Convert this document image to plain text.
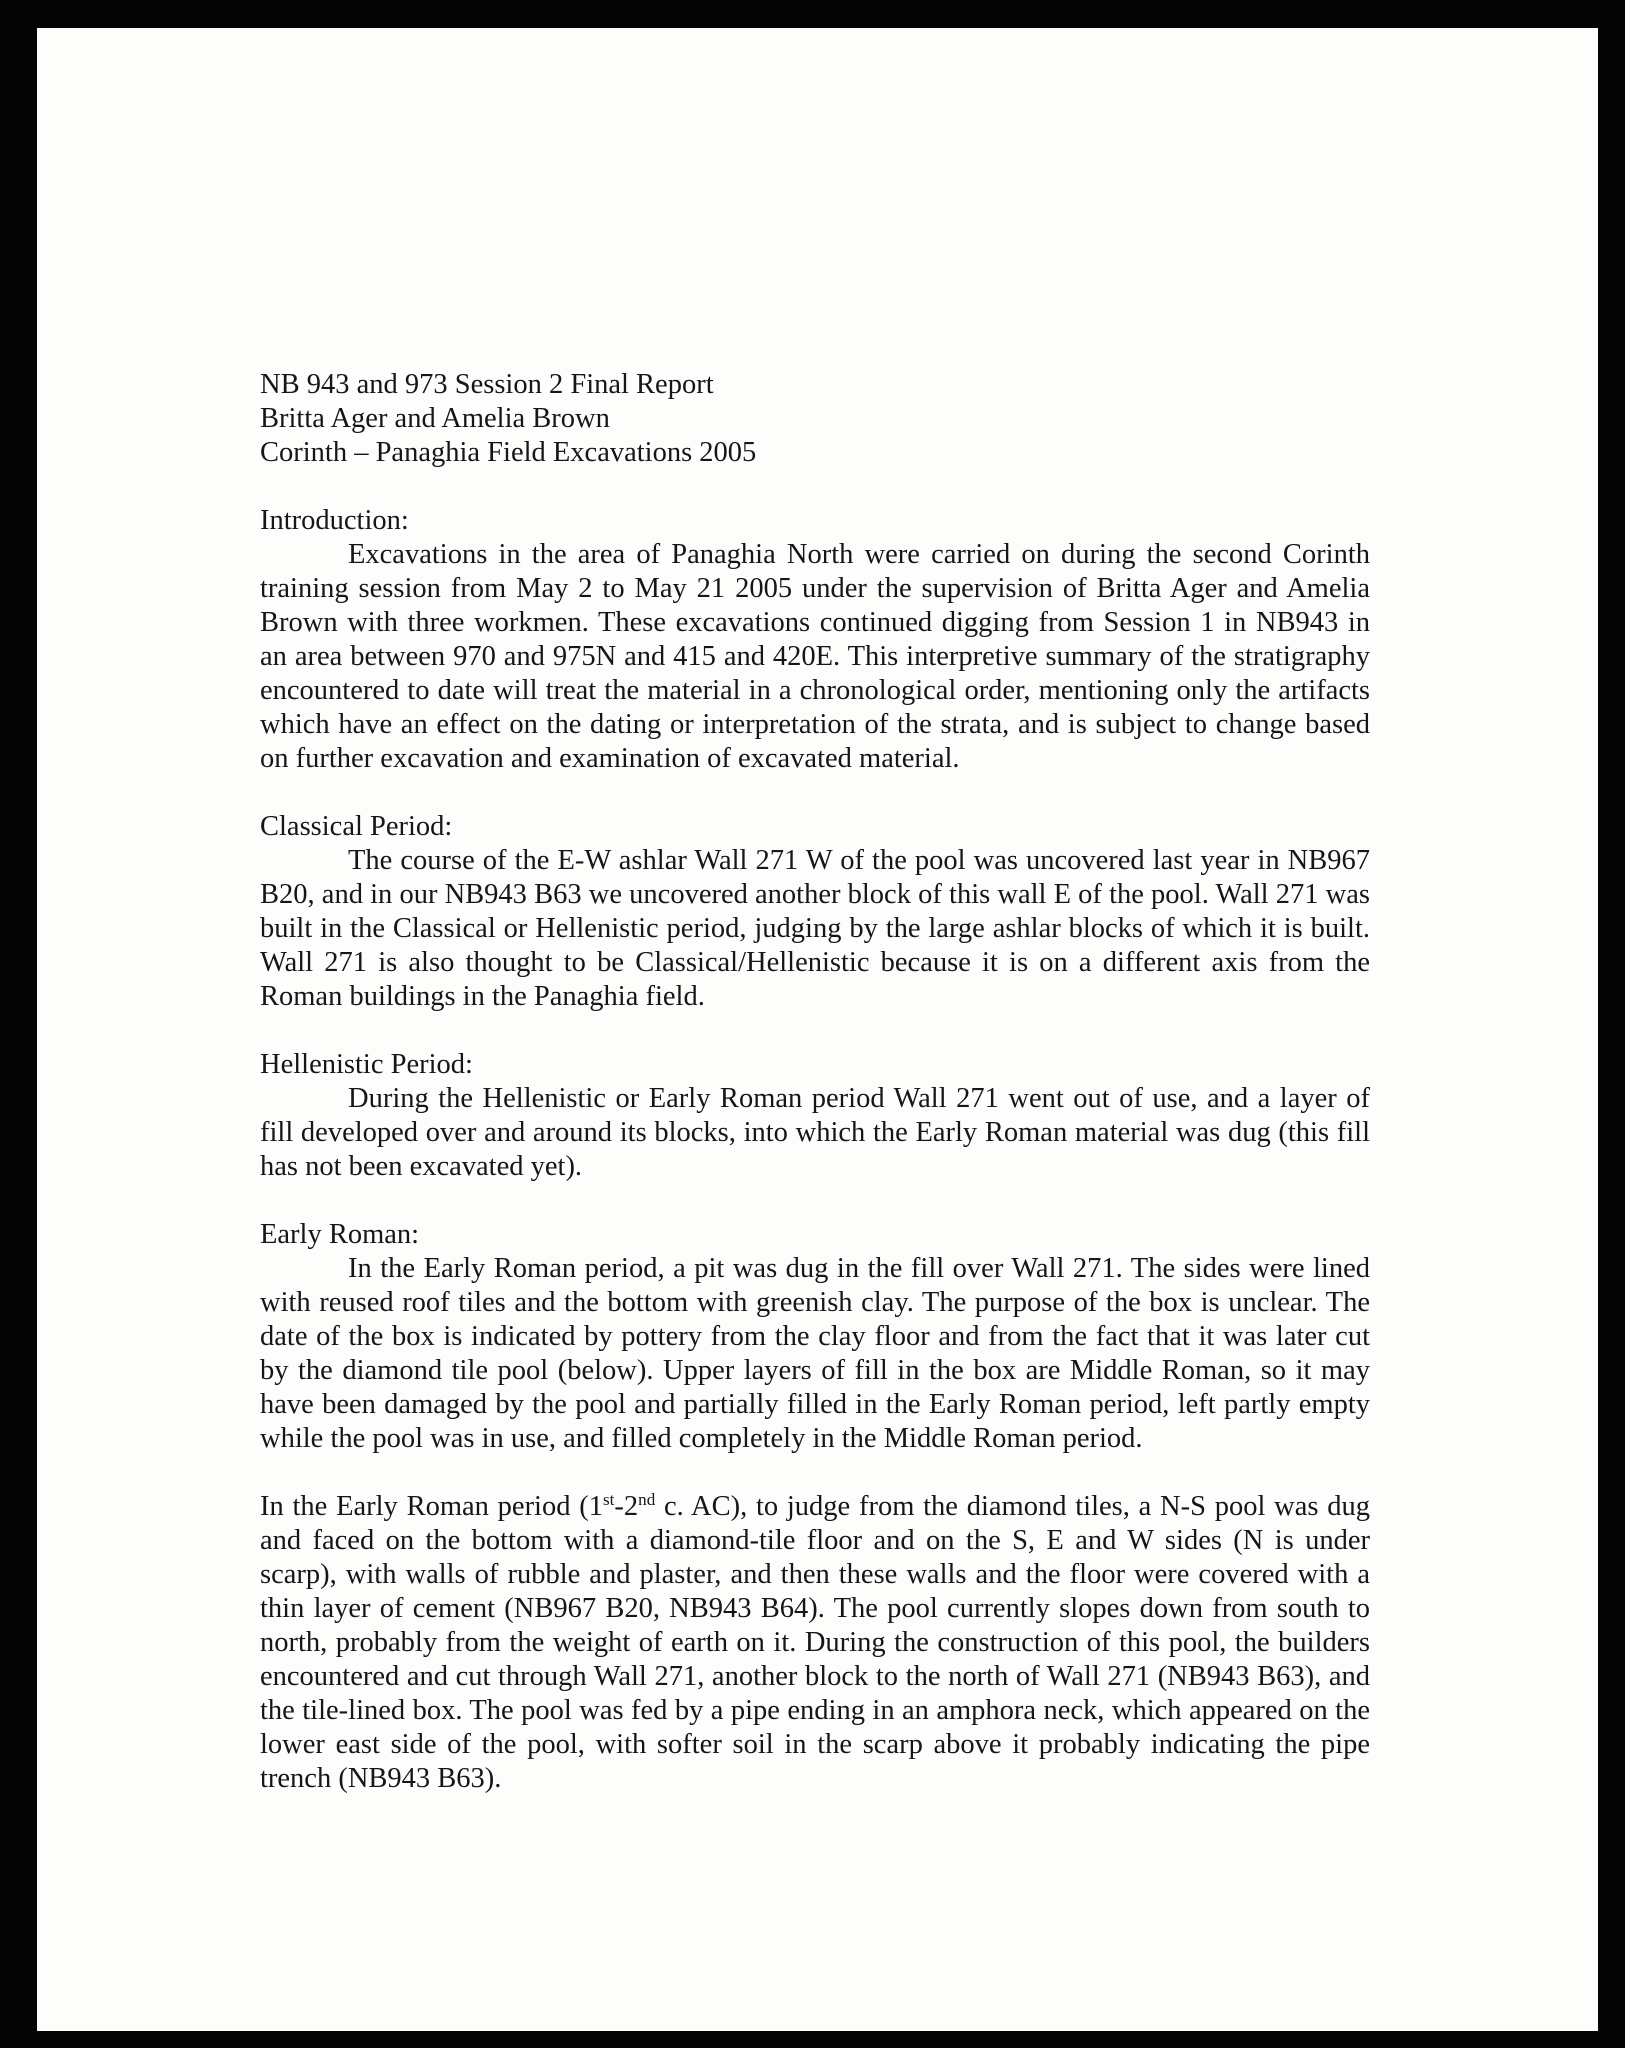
NB 943 and 973 Session 2 Final Report
Britta Ager and Amelia Brown
Corinth – Panaghia Field Excavations 2005
Introduction:

Excavations in the area of Panaghia North were carried on during the second Corinth training session from May 2 to May 21 2005 under the supervision of Britta Ager and Amelia Brown with three workmen. These excavations continued digging from Session 1 in NB943 in an area between 970 and 975N and 415 and 420E. This interpretive summary of the stratigraphy encountered to date will treat the material in a chronological order, mentioning only the artifacts which have an effect on the dating or interpretation of the strata, and is subject to change based on further excavation and examination of excavated material.

Classical Period:

The course of the E-W ashlar Wall 271 W of the pool was uncovered last year in NB967 B20, and in our NB943 B63 we uncovered another block of this wall E of the pool. Wall 271 was built in the Classical or Hellenistic period, judging by the large ashlar blocks of which it is built. Wall 271 is also thought to be Classical/Hellenistic because it is on a different axis from the Roman buildings in the Panaghia field.

Hellenistic Period:

During the Hellenistic or Early Roman period Wall 271 went out of use, and a layer of fill developed over and around its blocks, into which the Early Roman material was dug (this fill has not been excavated yet).

Early Roman:

In the Early Roman period, a pit was dug in the fill over Wall 271. The sides were lined with reused roof tiles and the bottom with greenish clay. The purpose of the box is unclear. The date of the box is indicated by pottery from the clay floor and from the fact that it was later cut by the diamond tile pool (below). Upper layers of fill in the box are Middle Roman, so it may have been damaged by the pool and partially filled in the Early Roman period, left partly empty while the pool was in use, and filled completely in the Middle Roman period.

In the Early Roman period (1st-2nd c. AC), to judge from the diamond tiles, a N-S pool was dug and faced on the bottom with a diamond-tile floor and on the S, E and W sides (N is under scarp), with walls of rubble and plaster, and then these walls and the floor were covered with a thin layer of cement (NB967 B20, NB943 B64). The pool currently slopes down from south to north, probably from the weight of earth on it. During the construction of this pool, the builders encountered and cut through Wall 271, another block to the north of Wall 271 (NB943 B63), and the tile-lined box. The pool was fed by a pipe ending in an amphora neck, which appeared on the lower east side of the pool, with softer soil in the scarp above it probably indicating the pipe trench (NB943 B63).
